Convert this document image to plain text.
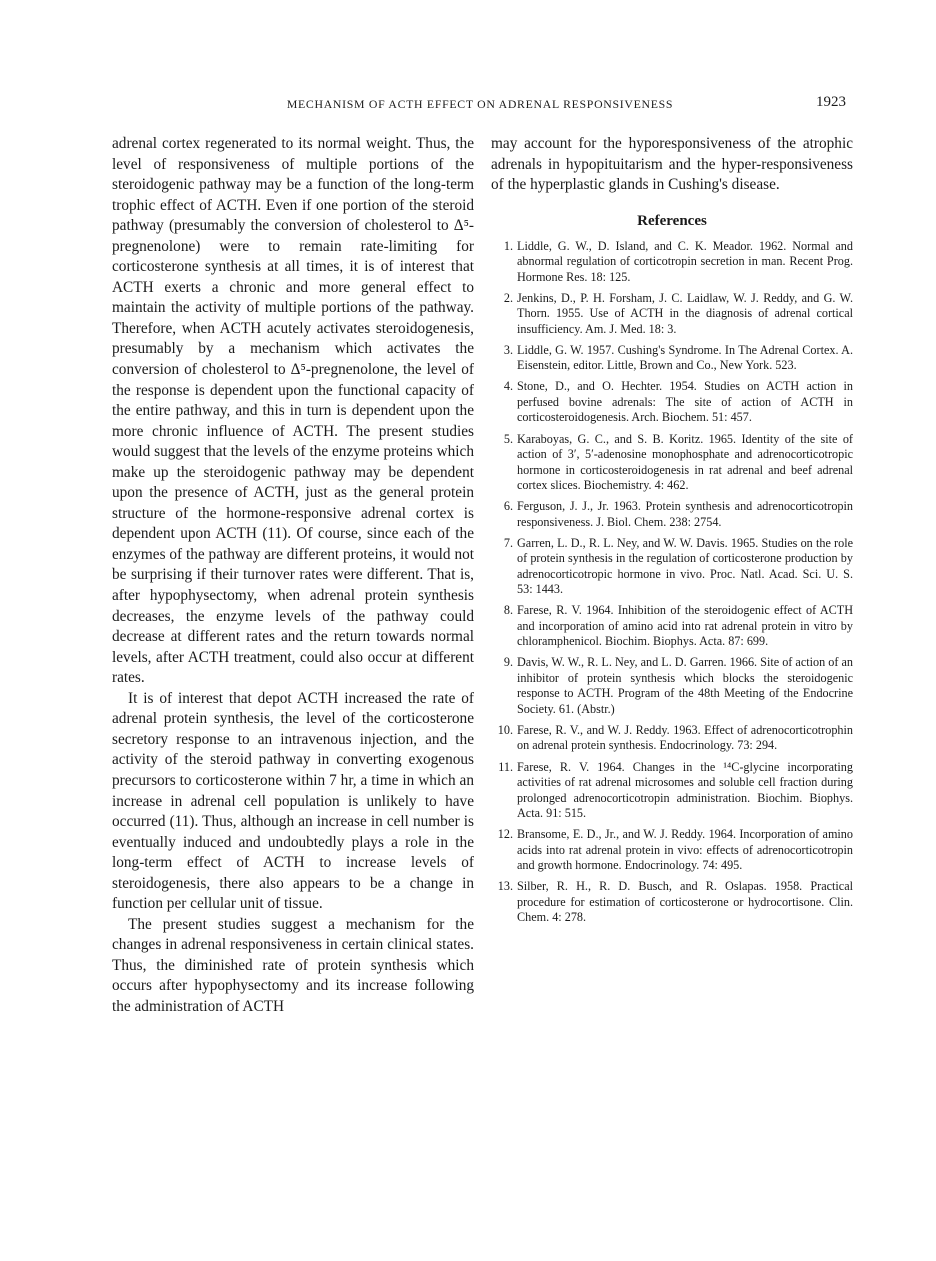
MECHANISM OF ACTH EFFECT ON ADRENAL RESPONSIVENESS	1923

adrenal cortex regenerated to its normal weight. Thus, the level of responsiveness of multiple portions of the steroidogenic pathway may be a function of the long-term trophic effect of ACTH. Even if one portion of the steroid pathway (presumably the conversion of cholesterol to Δ⁵-pregnenolone) were to remain rate-limiting for corticosterone synthesis at all times, it is of interest that ACTH exerts a chronic and more general effect to maintain the activity of multiple portions of the pathway. Therefore, when ACTH acutely activates steroidogenesis, presumably by a mechanism which activates the conversion of cholesterol to Δ⁵-pregnenolone, the level of the response is dependent upon the functional capacity of the entire pathway, and this in turn is dependent upon the more chronic influence of ACTH. The present studies would suggest that the levels of the enzyme proteins which make up the steroidogenic pathway may be dependent upon the presence of ACTH, just as the general protein structure of the hormone-responsive adrenal cortex is dependent upon ACTH (11). Of course, since each of the enzymes of the pathway are different proteins, it would not be surprising if their turnover rates were different. That is, after hypophysectomy, when adrenal protein synthesis decreases, the enzyme levels of the pathway could decrease at different rates and the return towards normal levels, after ACTH treatment, could also occur at different rates.

It is of interest that depot ACTH increased the rate of adrenal protein synthesis, the level of the corticosterone secretory response to an intravenous injection, and the activity of the steroid pathway in converting exogenous precursors to corticosterone within 7 hr, a time in which an increase in adrenal cell population is unlikely to have occurred (11). Thus, although an increase in cell number is eventually induced and undoubtedly plays a role in the long-term effect of ACTH to increase levels of steroidogenesis, there also appears to be a change in function per cellular unit of tissue.

The present studies suggest a mechanism for the changes in adrenal responsiveness in certain clinical states. Thus, the diminished rate of protein synthesis which occurs after hypophysectomy and its increase following the administration of ACTH

may account for the hyporesponsiveness of the atrophic adrenals in hypopituitarism and the hyper-responsiveness of the hyperplastic glands in Cushing's disease.

References
1. Liddle, G. W., D. Island, and C. K. Meador. 1962. Normal and abnormal regulation of corticotropin secretion in man. Recent Prog. Hormone Res. 18: 125.
2. Jenkins, D., P. H. Forsham, J. C. Laidlaw, W. J. Reddy, and G. W. Thorn. 1955. Use of ACTH in the diagnosis of adrenal cortical insufficiency. Am. J. Med. 18: 3.
3. Liddle, G. W. 1957. Cushing's Syndrome. In The Adrenal Cortex. A. Eisenstein, editor. Little, Brown and Co., New York. 523.
4. Stone, D., and O. Hechter. 1954. Studies on ACTH action in perfused bovine adrenals: The site of action of ACTH in corticosteroidogenesis. Arch. Biochem. 51: 457.
5. Karaboyas, G. C., and S. B. Koritz. 1965. Identity of the site of action of 3′, 5′-adenosine monophosphate and adrenocorticotropic hormone in corticosteroidogenesis in rat adrenal and beef adrenal cortex slices. Biochemistry. 4: 462.
6. Ferguson, J. J., Jr. 1963. Protein synthesis and adrenocorticotropin responsiveness. J. Biol. Chem. 238: 2754.
7. Garren, L. D., R. L. Ney, and W. W. Davis. 1965. Studies on the role of protein synthesis in the regulation of corticosterone production by adrenocorticotropic hormone in vivo. Proc. Natl. Acad. Sci. U. S. 53: 1443.
8. Farese, R. V. 1964. Inhibition of the steroidogenic effect of ACTH and incorporation of amino acid into rat adrenal protein in vitro by chloramphenicol. Biochim. Biophys. Acta. 87: 699.
9. Davis, W. W., R. L. Ney, and L. D. Garren. 1966. Site of action of an inhibitor of protein synthesis which blocks the steroidogenic response to ACTH. Program of the 48th Meeting of the Endocrine Society. 61. (Abstr.)
10. Farese, R. V., and W. J. Reddy. 1963. Effect of adrenocorticotrophin on adrenal protein synthesis. Endocrinology. 73: 294.
11. Farese, R. V. 1964. Changes in the ¹⁴C-glycine incorporating activities of rat adrenal microsomes and soluble cell fraction during prolonged adrenocorticotropin administration. Biochim. Biophys. Acta. 91: 515.
12. Bransome, E. D., Jr., and W. J. Reddy. 1964. Incorporation of amino acids into rat adrenal protein in vivo: effects of adrenocorticotropin and growth hormone. Endocrinology. 74: 495.
13. Silber, R. H., R. D. Busch, and R. Oslapas. 1958. Practical procedure for estimation of corticosterone or hydrocortisone. Clin. Chem. 4: 278.
